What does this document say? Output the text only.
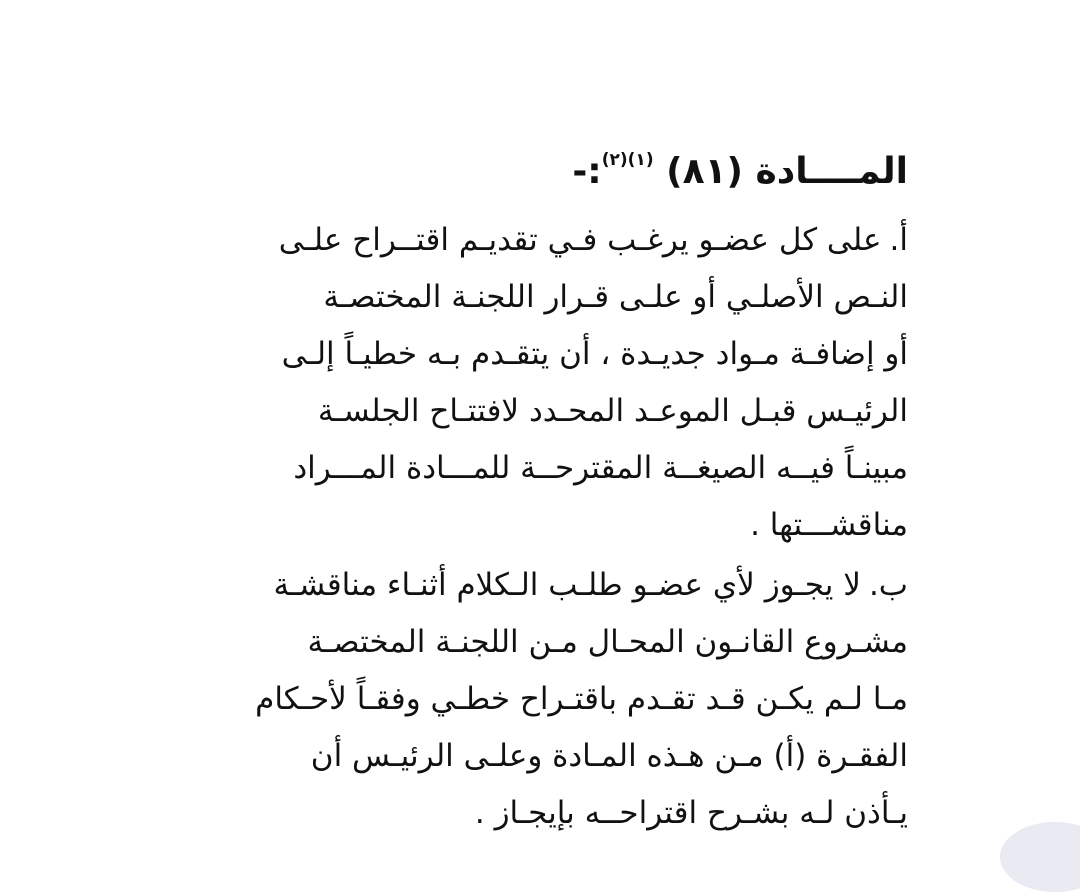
المــــادة (٨١) $^{(١)(٢)}$:-
أ.على كل عضـو يرغـب فـي تقديـم اقتــراح علـى
النـص الأصلـي أو علـى قـرار اللجنـة المختصـة
أو إضافـة مـواد جديـدة ، أن يتقـدم بـه خطيـاً إلـى
الرئيـس قبـل الموعـد المحـدد لافتتـاح الجلسـة
مبينـاً فيــه الصيغــة المقترحــة للمـــادة المـــراد
مناقشـــتها .
ب.لا يجـوز لأي عضـو طلـب الـكلام أثنـاء مناقشـة
مشـروع القانـون المحـال مـن اللجنـة المختصـة
مـا لـم يكـن قـد تقـدم باقتـراح خطـي وفقـاً لأحـكام
الفقـرة (أ) مـن هـذه المـادة وعلـى الرئيـس أن
يـأذن لـه بشـرح اقتراحــه بإيجـاز .
